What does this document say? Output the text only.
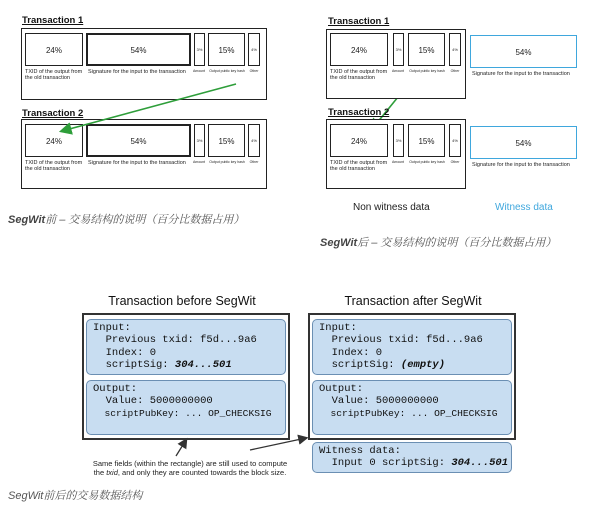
Transaction 1
24%
TXID of the output from the old transaction
54%
Signature for the input to the transaction
3%
Amount
15%
Output public key hash
4%
Other
Transaction 2
24%
TXID of the output from the old transaction
54%
Signature for the input to the transaction
3%
Amount
15%
Output public key hash
4%
Other
SegWit前 – 交易结构的说明（百分比数据占用）
Transaction 1
24%
TXID of the output from the old transaction
3%
Amount
15%
Output public key hash
4%
Other
54%
Signature for the input to the transaction
Transaction 2
24%
TXID of the output from the old transaction
3%
Amount
15%
Output public key hash
4%
Other
54%
Signature for the input to the transaction
Non witness data	Witness data
SegWit后 – 交易结构的说明（百分比数据占用）
Transaction before SegWit	Transaction after SegWit
Input:
Previous txid: f5d...9a6
Index: 0
scriptSig: 304...501
Output:
Value: 5000000000
scriptPubKey: ... OP_CHECKSIG
Input:
Previous txid: f5d...9a6
Index: 0
scriptSig: (empty)
Output:
Value: 5000000000
scriptPubKey: ... OP_CHECKSIG
Witness data:
Input 0 scriptSig: 304...501
Same fields (within the rectangle) are still used to compute
the txid, and only they are counted towards the block size.
SegWit前后的交易数据结构
